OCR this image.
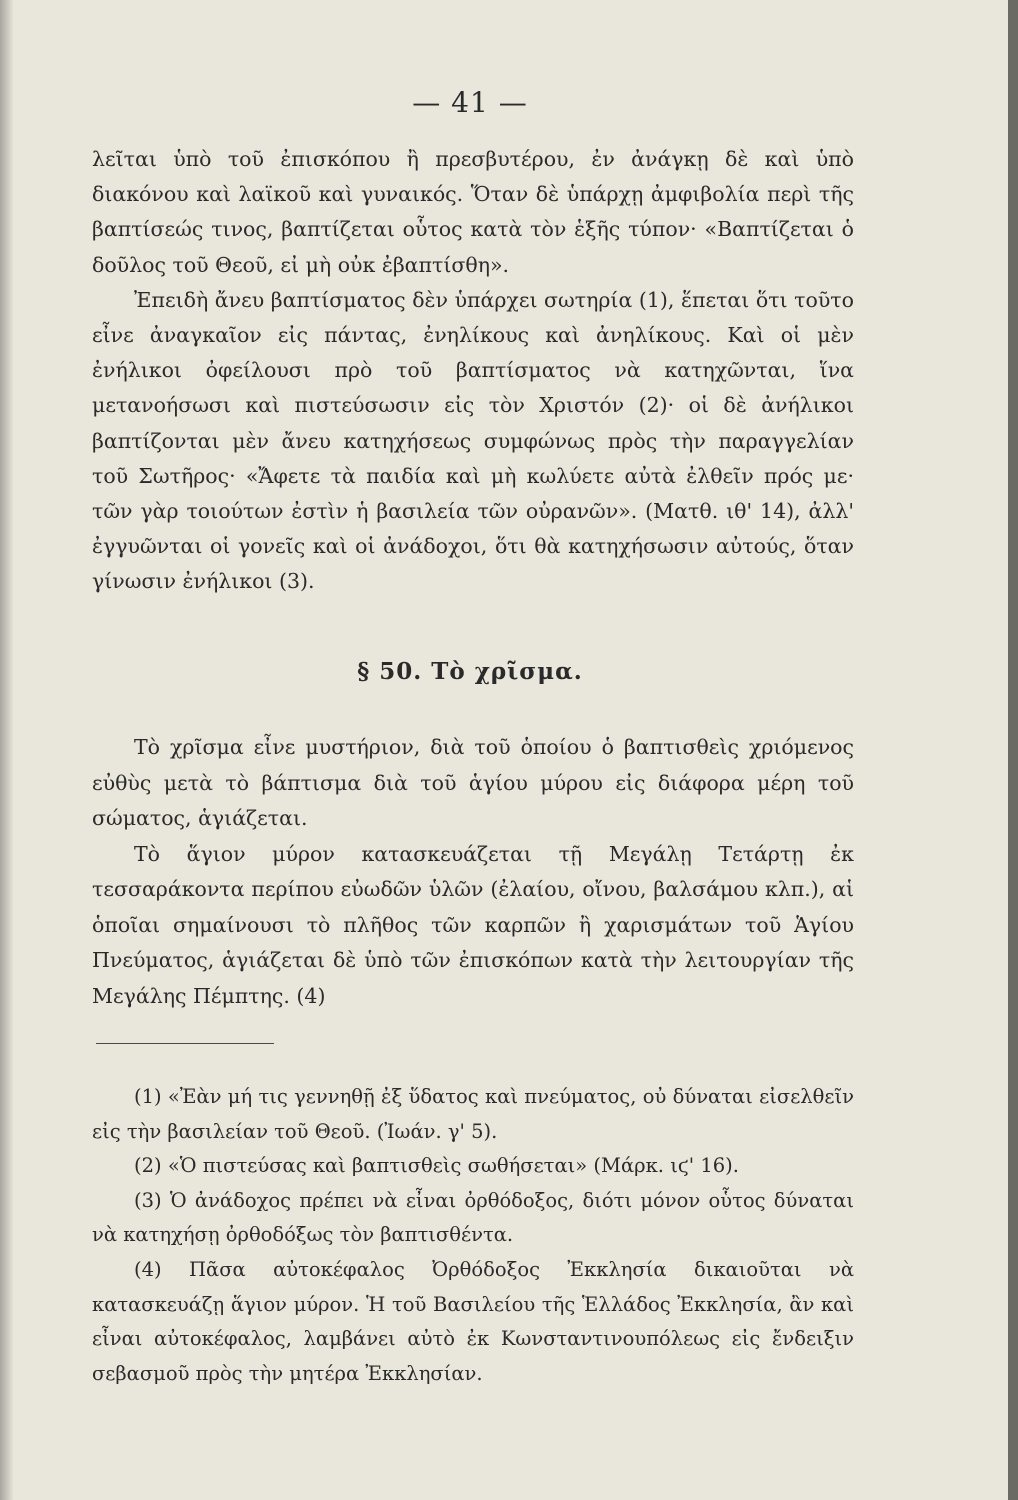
— 41 —

λεῖται ὑπὸ τοῦ ἐπισκόπου ἢ πρεσβυτέρου, ἐν ἀνάγκῃ δὲ καὶ ὑπὸ διακόνου καὶ λαϊκοῦ καὶ γυναικός. Ὅταν δὲ ὑπάρχῃ ἀμφιβολία περὶ τῆς βαπτίσεώς τινος, βαπτίζεται οὗτος κατὰ τὸν ἑξῆς τύπον· «Βαπτίζεται ὁ δοῦλος τοῦ Θεοῦ, εἰ μὴ οὐκ ἐβαπτίσθη».

Ἐπειδὴ ἄνευ βαπτίσματος δὲν ὑπάρχει σωτηρία (1), ἕπεται ὅτι τοῦτο εἶνε ἀναγκαῖον εἰς πάντας, ἐνηλίκους καὶ ἀνηλίκους. Καὶ οἱ μὲν ἐνήλικοι ὀφείλουσι πρὸ τοῦ βαπτίσματος νὰ κατηχῶνται, ἵνα μετανοήσωσι καὶ πιστεύσωσιν εἰς τὸν Χριστόν (2)· οἱ δὲ ἀνήλικοι βαπτίζονται μὲν ἄνευ κατηχήσεως συμφώνως πρὸς τὴν παραγγελίαν τοῦ Σωτῆρος· «Ἄφετε τὰ παιδία καὶ μὴ κωλύετε αὐτὰ ἐλθεῖν πρός με· τῶν γὰρ τοιούτων ἐστὶν ἡ βασιλεία τῶν οὐρανῶν». (Ματθ. ιθ' 14), ἀλλ' ἐγγυῶνται οἱ γονεῖς καὶ οἱ ἀνάδοχοι, ὅτι θὰ κατηχήσωσιν αὐτούς, ὅταν γίνωσιν ἐνήλικοι (3).

§ 50. Τὸ χρῖσμα.

Τὸ χρῖσμα εἶνε μυστήριον, διὰ τοῦ ὁποίου ὁ βαπτισθεὶς χριόμενος εὐθὺς μετὰ τὸ βάπτισμα διὰ τοῦ ἁγίου μύρου εἰς διάφορα μέρη τοῦ σώματος, ἁγιάζεται.

Τὸ ἅγιον μύρον κατασκευάζεται τῇ Μεγάλῃ Τετάρτῃ ἐκ τεσσαράκοντα περίπου εὐωδῶν ὑλῶν (ἐλαίου, οἴνου, βαλσάμου κλπ.), αἱ ὁποῖαι σημαίνουσι τὸ πλῆθος τῶν καρπῶν ἢ χαρισμάτων τοῦ Ἁγίου Πνεύματος, ἁγιάζεται δὲ ὑπὸ τῶν ἐπισκόπων κατὰ τὴν λειτουργίαν τῆς Μεγάλης Πέμπτης. (4)

(1) «Ἐὰν μή τις γεννηθῇ ἐξ ὕδατος καὶ πνεύματος, οὐ δύναται εἰσελθεῖν εἰς τὴν βασιλείαν τοῦ Θεοῦ. (Ἰωάν. γ' 5).

(2) «Ὁ πιστεύσας καὶ βαπτισθεὶς σωθήσεται» (Μάρκ. ιϛ' 16).

(3) Ὁ ἀνάδοχος πρέπει νὰ εἶναι ὀρθόδοξος, διότι μόνον οὗτος δύναται νὰ κατηχήσῃ ὀρθοδόξως τὸν βαπτισθέντα.

(4) Πᾶσα αὐτοκέφαλος Ὀρθόδοξος Ἐκκλησία δικαιοῦται νὰ κατασκευάζῃ ἅγιον μύρον. Ἡ τοῦ Βασιλείου τῆς Ἑλλάδος Ἐκκλησία, ἂν καὶ εἶναι αὐτοκέφαλος, λαμβάνει αὐτὸ ἐκ Κωνσταντινουπόλεως εἰς ἔνδειξιν σεβασμοῦ πρὸς τὴν μητέρα Ἐκκλησίαν.
